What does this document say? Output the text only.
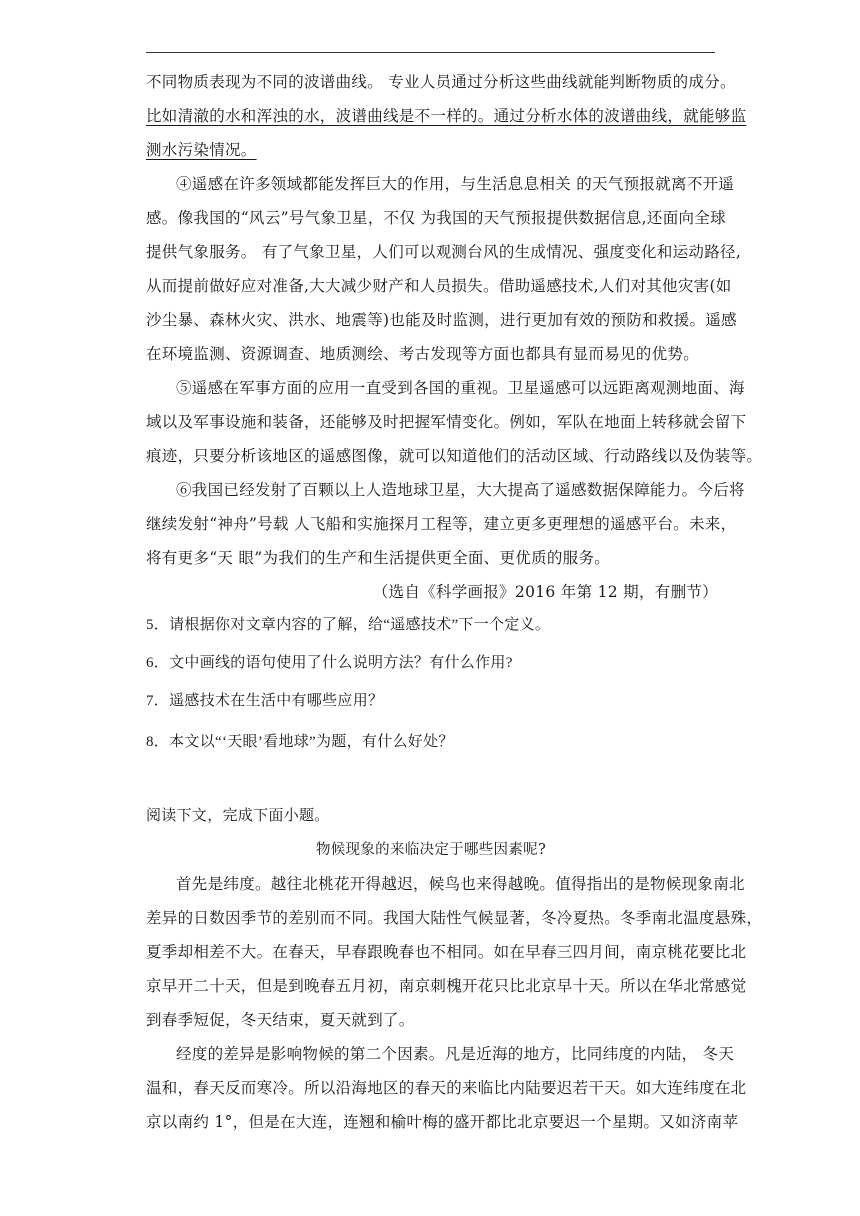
不同物质表现为不同的波谱曲线。 专业人员通过分析这些曲线就能判断物质的成分。
比如清澈的水和浑浊的水，波谱曲线是不一样的。通过分析水体的波谱曲线，就能够监
测水污染情况。
④遥感在许多领域都能发挥巨大的作用，与生活息息相关 的天气预报就离不开遥
感。像我国的“风云”号气象卫星，不仅 为我国的天气预报提供数据信息,还面向全球
提供气象服务。 有了气象卫星，人们可以观测台风的生成情况、强度变化和运动路径,
从而提前做好应对准备,大大减少财产和人员损失。借助遥感技术,人们对其他灾害(如
沙尘暴、森林火灾、洪水、地震等)也能及时监测，进行更加有效的预防和救援。遥感
在环境监测、资源调查、地质测绘、考古发现等方面也都具有显而易见的优势。
⑤遥感在军事方面的应用一直受到各国的重视。卫星遥感可以远距离观测地面、海
域以及军事设施和装备，还能够及时把握军情变化。例如，军队在地面上转移就会留下
痕迹，只要分析该地区的遥感图像，就可以知道他们的活动区域、行动路线以及伪装等。
⑥我国已经发射了百颗以上人造地球卫星，大大提高了遥感数据保障能力。今后将
继续发射“神舟”号载 人飞船和实施探月工程等，建立更多更理想的遥感平台。未来，
将有更多“天 眼”为我们的生产和生活提供更全面、更优质的服务。
（选自《科学画报》2016 年第 12 期，有删节）
5．请根据你对文章内容的了解，给“遥感技术”下一个定义。
6．文中画线的语句使用了什么说明方法？有什么作用?
7．遥感技术在生活中有哪些应用？
8．本文以“‘天眼’看地球”为题，有什么好处？
阅读下文，完成下面小题。
物候现象的来临决定于哪些因素呢?
首先是纬度。越往北桃花开得越迟，候鸟也来得越晚。值得指出的是物候现象南北
差异的日数因季节的差别而不同。我国大陆性气候显著，冬冷夏热。冬季南北温度悬殊，
夏季却相差不大。在春天，早春跟晚春也不相同。如在早春三四月间，南京桃花要比北
京早开二十天，但是到晚春五月初，南京刺槐开花只比北京早十天。所以在华北常感觉
到春季短促，冬天结束，夏天就到了。
经度的差异是影响物候的第二个因素。凡是近海的地方，比同纬度的内陆， 冬天
温和，春天反而寒冷。所以沿海地区的春天的来临比内陆要迟若干天。如大连纬度在北
京以南约 1°，但是在大连，连翘和榆叶梅的盛开都比北京要迟一个星期。又如济南苹
